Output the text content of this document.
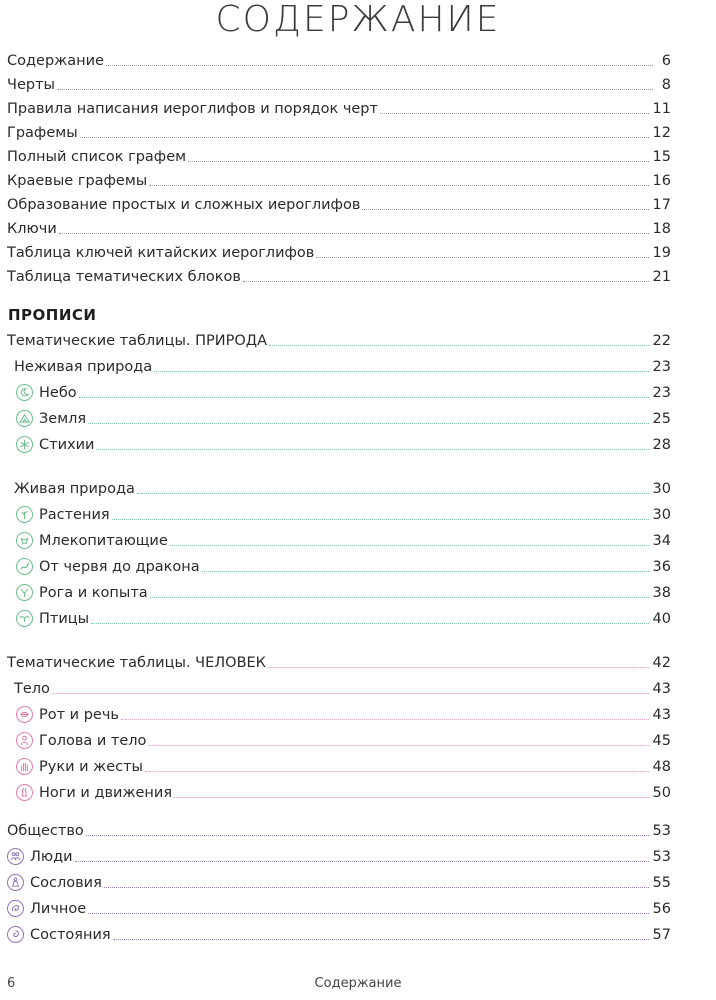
СОДЕРЖАНИЕ
Содержание	6
Черты	8
Правила написания иероглифов и порядок черт	11
Графемы	12
Полный список графем	15
Краевые графемы	16
Образование простых и сложных иероглифов	17
Ключи	18
Таблица ключей китайских иероглифов	19
Таблица тематических блоков	21
ПРОПИСИ
Тематические таблицы. ПРИРОДА	22
Неживая природа	23
Небо	23
Земля	25
Стихии	28
Живая природа	30
Растения	30
Млекопитающие	34
От червя до дракона	36
Рога и копыта	38
Птицы	40
Тематические таблицы. ЧЕЛОВЕК	42
Тело	43
Рот и речь	43
Голова и тело	45
Руки и жесты	48
Ноги и движения	50
Общество	53
Люди	53
Сословия	55
Личное	56
Состояния	57
6	Содержание
